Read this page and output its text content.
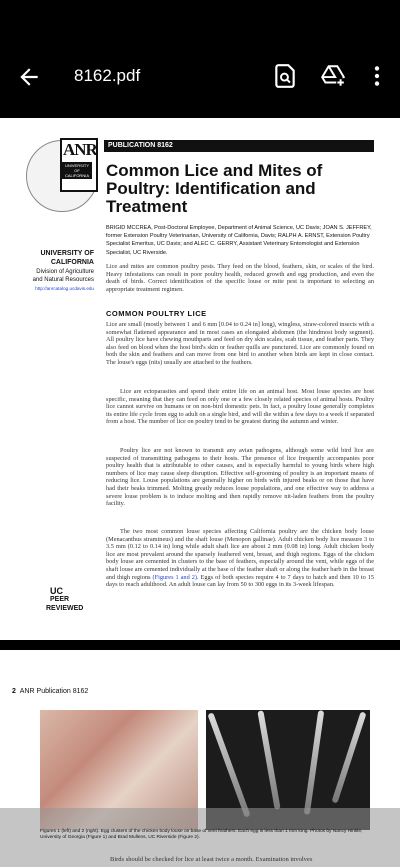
8162.pdf
ANR
UNIVERSITY OF CALIFORNIA
UNIVERSITY OF
CALIFORNIA
Division of Agriculture
and Natural Resources
http://anrcatalog.ucdavis.edu
PUBLICATION 8162
Common Lice and Mites of Poultry: Identification and Treatment
BRIGID MCCREA, Post-Doctoral Employee, Department of Animal Science, UC Davis; JOAN S. JEFFREY, former Extension Poultry Veterinarian, University of California, Davis; RALPH A. ERNST, Extension Poultry Specialist Emeritus, UC Davis; and ALEC C. GERRY, Assistant Veterinary Entomologist and Extension Specialist, UC Riverside.
Lice and mites are common poultry pests. They feed on the blood, feathers, skin, or scales of the bird. Heavy infestations can result in poor poultry health, reduced growth and egg production, and even the death of birds. Correct identification of the specific louse or mite pest is important to selecting an appropriate treatment regimen.
COMMON POULTRY LICE
Lice are small (mostly between 1 and 6 mm [0.04 to 0.24 in] long), wingless, straw-colored insects with a somewhat flattened appearance and in most cases an elongated abdomen (the hindmost body segment). All poultry lice have chewing mouthparts and feed on dry skin scales, scab tissue, and feather parts. They also feed on blood when the host bird's skin or feather quills are punctured. Lice are commonly found on both the skin and feathers and can move from one bird to another when birds are kept in close contact. The louse's eggs (nits) usually are attached to the feathers.
Lice are ectoparasites and spend their entire life on an animal host. Most louse species are host specific, meaning that they can feed on only one or a few closely related species of animal hosts. Poultry lice cannot survive on humans or on non-bird domestic pets. In fact, a poultry louse generally completes its entire life cycle from egg to adult on a single bird, and will die within a few days to a week if separated from a host. The number of lice on poultry tend to be greatest during the autumn and winter.
Poultry lice are not known to transmit any avian pathogens, although some wild bird lice are suspected of transmitting pathogens to their hosts. The presence of lice frequently accompanies poor poultry health that is attributable to other causes, and is especially harmful to young birds where high numbers of lice may cause sleep disruption. Effective self-grooming of poultry is an important means of reducing lice. Louse populations are generally higher on birds with injured beaks or on those that have had their beaks trimmed. Molting greatly reduces louse populations, and one effective way to address a severe louse problem is to induce molting and then rapidly remove nit-laden feathers from the poultry facility.
The two most common louse species affecting California poultry are the chicken body louse (Menacanthus stramineus) and the shaft louse (Menopon gallinae). Adult chicken body lice measure 3 to 3.5 mm (0.12 to 0.14 in) long while adult shaft lice are about 2 mm (0.08 in) long. Adult chicken body lice are most prevalent around the sparsely feathered vent, breast, and thigh regions. Eggs of the chicken body louse are cemented in clusters to the base of feathers, especially around the vent, while eggs of the shaft louse are cemented individually at the base of the feather shaft or along the feather barb in the breast and thigh regions (Figures 1 and 2). Eggs of both species require 4 to 7 days to hatch and then 10 to 15 days to reach adulthood. An adult louse can lay from 50 to 300 eggs in its 3-week lifespan.
UC
PEER
REVIEWED
2 ANR Publication 8162
Figures 1 (left) and 2 (right). Egg clusters of the chicken body louse on base of vent feathers. Each egg is less than 1 mm long. Photos by Nancy Hinkle, University of Georgia (Figure 1) and Brad Mullens, UC Riverside (Figure 2).
Birds should be checked for lice at least twice a month. Examination involves
